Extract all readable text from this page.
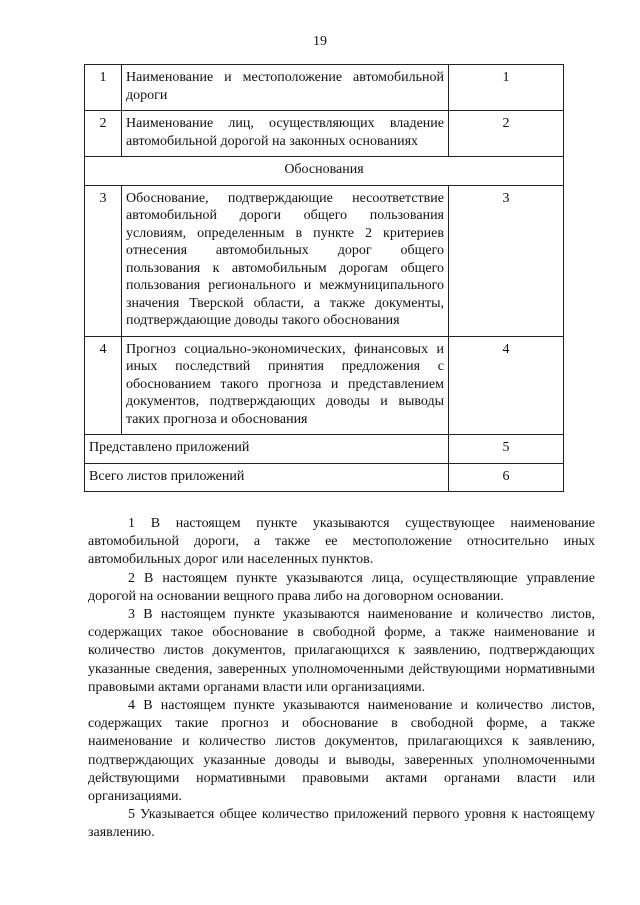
19
1	Наименование и местоположение автомобильной дороги	1
2	Наименование лиц, осуществляющих владение автомобильной дорогой на законных основаниях	2
Обоснования		
3	Обоснование, подтверждающие несоответствие автомобильной дороги общего пользования условиям, определенным в пункте 2 критериев отнесения автомобильных дорог общего пользования к автомобильным дорогам общего пользования регионального и межмуниципального значения Тверской области, а также документы, подтверждающие доводы такого обоснования	3
4	Прогноз социально-экономических, финансовых и иных последствий принятия предложения с обоснованием такого прогноза и представлением документов, подтверждающих доводы и выводы таких прогноза и обоснования	4
Представлено приложений		5
Всего листов приложений		6

1 В настоящем пункте указываются существующее наименование автомобильной дороги, а также ее местоположение относительно иных автомобильных дорог или населенных пунктов.

2 В настоящем пункте указываются лица, осуществляющие управление дорогой на основании вещного права либо на договорном основании.

3 В настоящем пункте указываются наименование и количество листов, содержащих такое обоснование в свободной форме, а также наименование и количество листов документов, прилагающихся к заявлению, подтверждающих указанные сведения, заверенных уполномоченными действующими нормативными правовыми актами органами власти или организациями.

4 В настоящем пункте указываются наименование и количество листов, содержащих такие прогноз и обоснование в свободной форме, а также наименование и количество листов документов, прилагающихся к заявлению, подтверждающих указанные доводы и выводы, заверенных уполномоченными действующими нормативными правовыми актами органами власти или организациями.

5 Указывается общее количество приложений первого уровня к настоящему заявлению.
